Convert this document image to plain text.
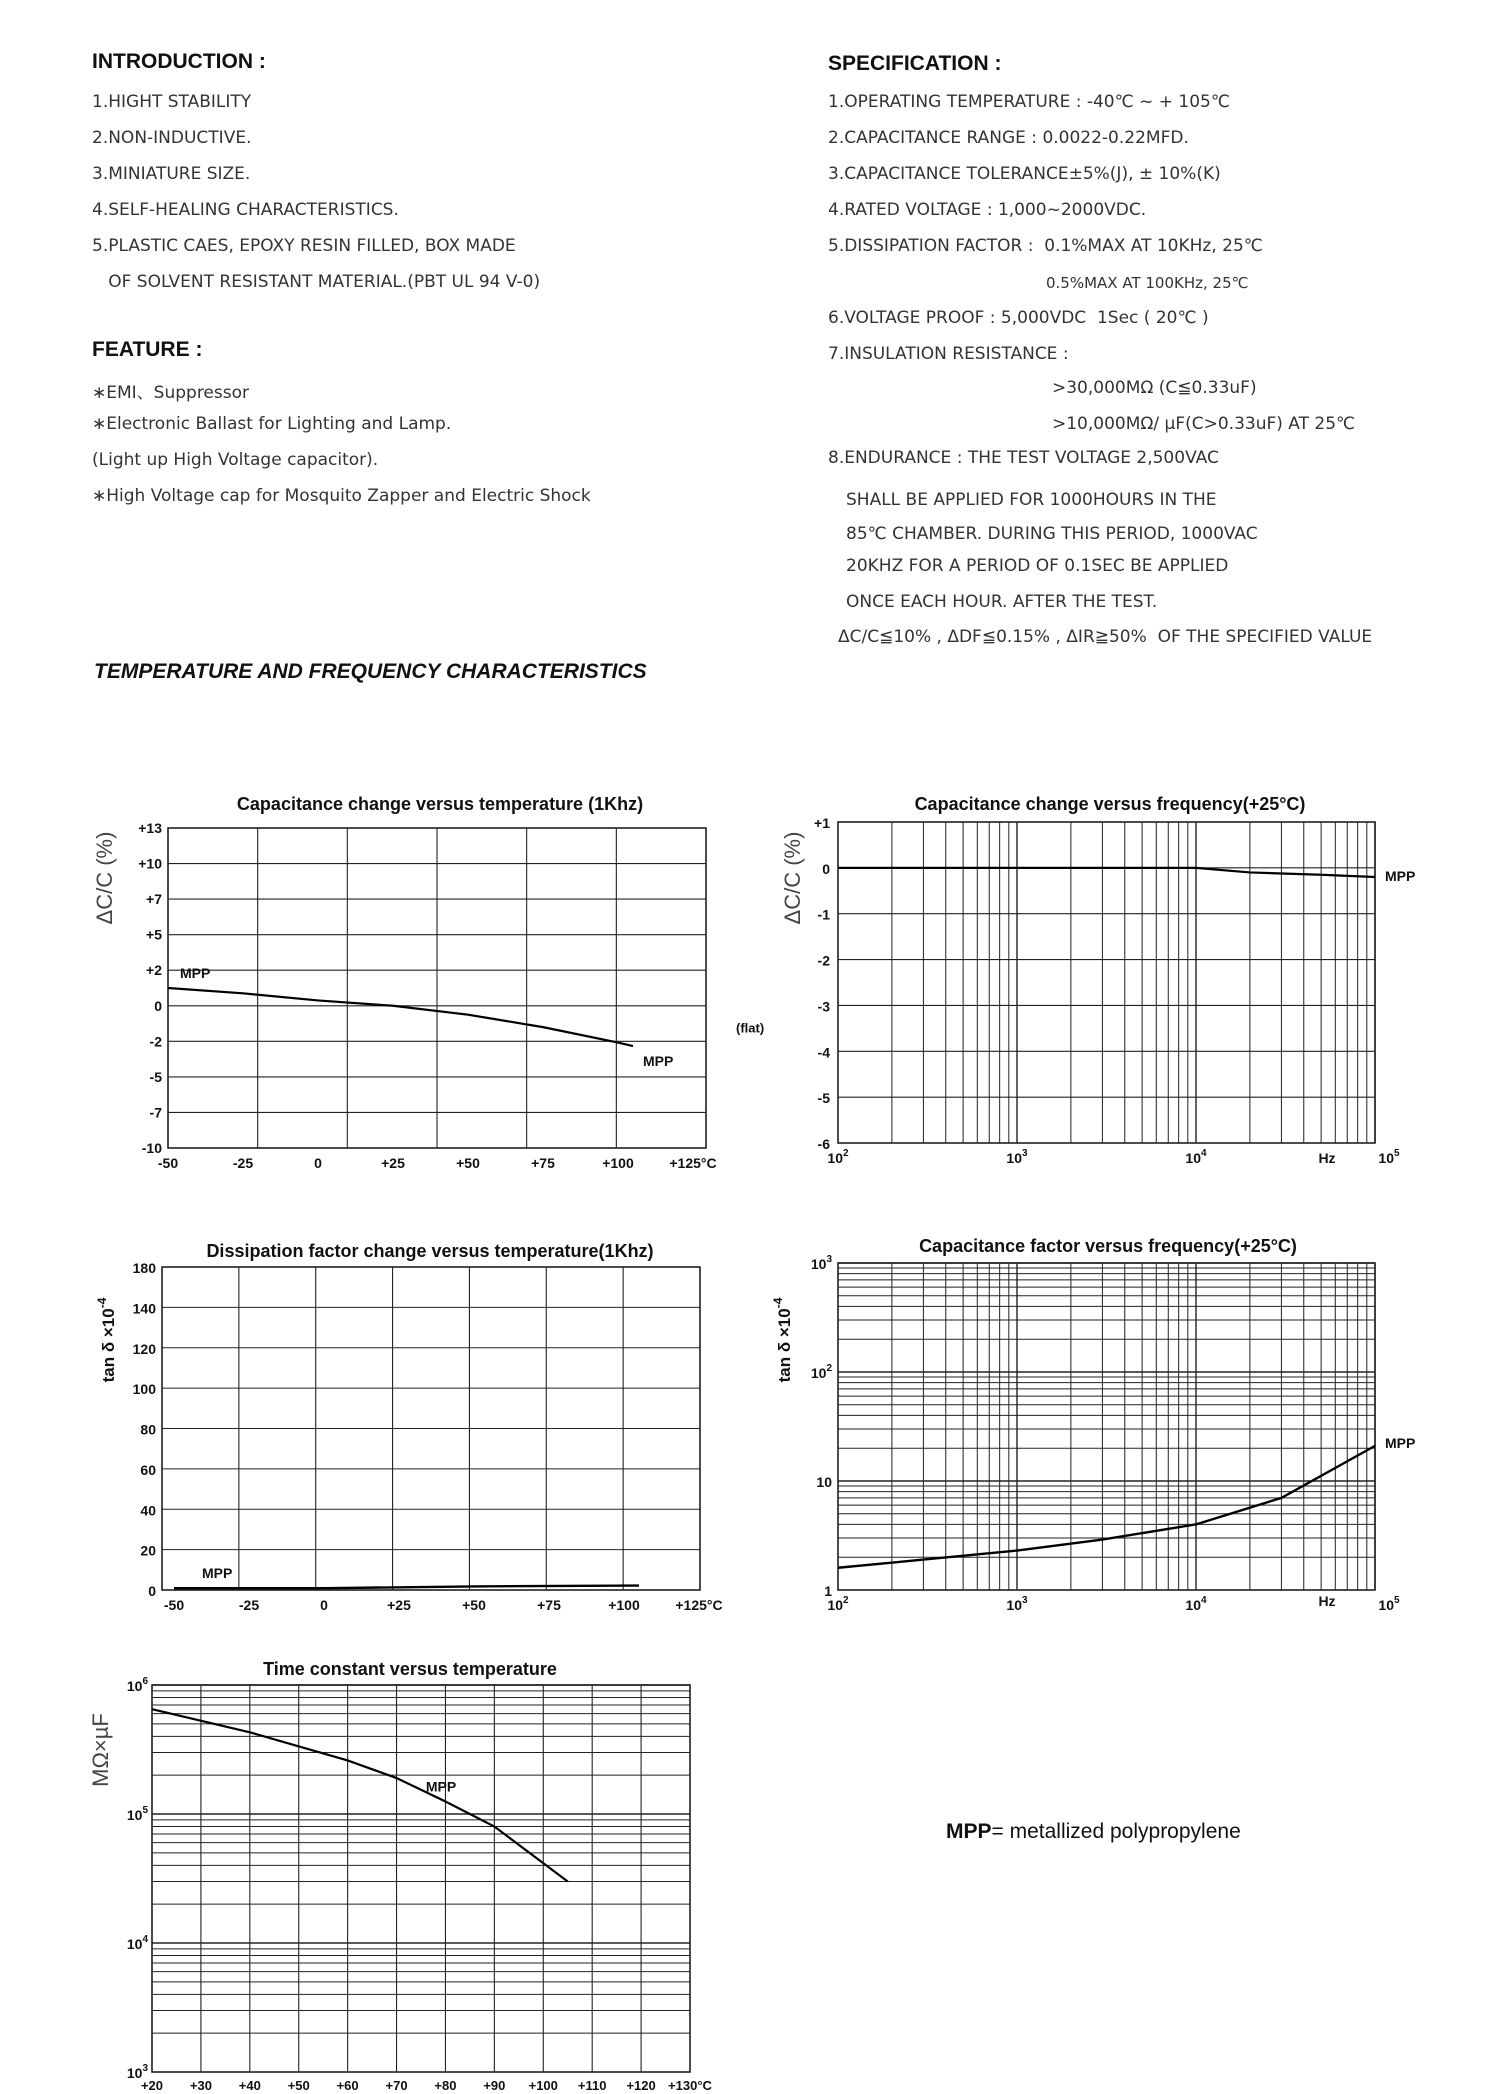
INTRODUCTION :
1.HIGHT STABILITY
2.NON-INDUCTIVE.
3.MINIATURE SIZE.
4.SELF-HEALING CHARACTERISTICS.
5.PLASTIC CAES, EPOXY RESIN FILLED, BOX MADE
OF SOLVENT RESISTANT MATERIAL.(PBT UL 94 V-0)
FEATURE :
∗EMI、Suppressor
∗Electronic Ballast for Lighting and Lamp.
(Light up High Voltage capacitor).
∗High Voltage cap for Mosquito Zapper and Electric Shock
SPECIFICATION :
1.OPERATING TEMPERATURE : -40℃ ~ + 105℃
2.CAPACITANCE RANGE : 0.0022-0.22MFD.
3.CAPACITANCE TOLERANCE±5%(J), ± 10%(K)
4.RATED VOLTAGE : 1,000~2000VDC.
5.DISSIPATION FACTOR :  0.1%MAX AT 10KHz, 25℃
0.5%MAX AT 100KHz, 25℃
6.VOLTAGE PROOF : 5,000VDC  1Sec ( 20℃ )
7.INSULATION RESISTANCE :
>30,000MΩ (C≦0.33uF)
>10,000MΩ/ µF(C>0.33uF) AT 25℃
8.ENDURANCE : THE TEST VOLTAGE 2,500VAC
SHALL BE APPLIED FOR 1000HOURS IN THE
85℃ CHAMBER. DURING THIS PERIOD, 1000VAC
20KHZ FOR A PERIOD OF 0.1SEC BE APPLIED
ONCE EACH HOUR. AFTER THE TEST.
ΔC/C≦10% , ΔDF≦0.15% , ΔIR≧50%  OF THE SPECIFIED VALUE
TEMPERATURE AND FREQUENCY CHARACTERISTICS
Capacitance change versus temperature (1Khz)
+13
+10
+7
+5
+2
0
-2
-5
-7
-10
-50	-25	0	+25	+50	+75	+100	+125°C
MPP
MPP
(flat)
ΔC/C (%)
Capacitance change versus frequency(+25°C)
+1
0
-1
-2
-3
-4
-5
-6
$10^2$	$10^3$	$10^4$	$10^5$
Hz
MPP
ΔC/C (%)
Dissipation factor change versus temperature(1Khz)
180
140
120
100
80
60
40
20
0
-50	-25	0	+25	+50	+75	+100	+125°C
MPP
$\tan \delta \times 10^{-4}$
Capacitance factor versus frequency(+25°C)
$10^3$
$10^2$
10
1
$10^2$	$10^3$	$10^4$	$10^5$
Hz
MPP
$\tan \delta \times 10^{-4}$
Time constant versus temperature
$10^6$
$10^5$
$10^4$
$10^3$
+20 +30 +40 +50 +60 +70 +80 +90 +100 +110 +120 +130°C
MPP
MΩ×µF
MPP= metallized polypropylene
